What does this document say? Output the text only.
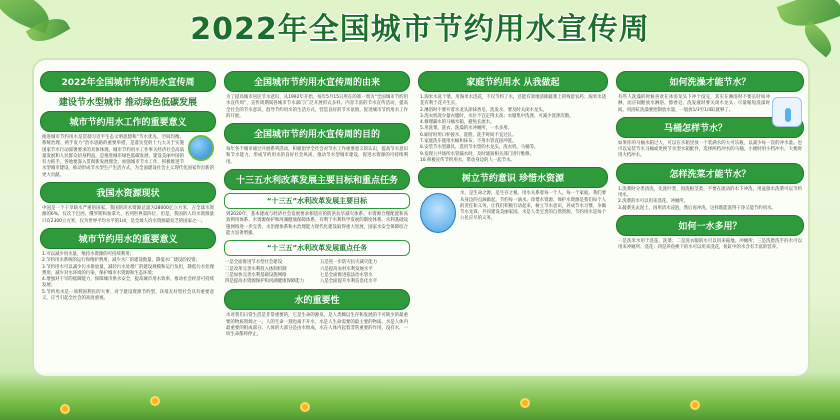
2022年全国城市节约用水宣传周
2022年全国城市节约用水宣传周
建设节水型城市 推动绿色低碳发展
城市节约用水工作的重要意义
推进城市节约用水是贯彻习近平生态文明思想和“节水优先、空间均衡、系统治理、两手发力”治水思路的重要举措，是落实党的十九大关于实施国家节水行动部署要求的具体体现。城市节约用水工作事关经济社会高质量发展和人民群众切身利益，是推进城市绿色低碳发展、建设美丽中国的有力抓手。各地要深入贯彻新发展理念，加强城市节水工作，积极推进节水型城市建设，推动形成节水型生产生活方式，为全面建设社会主义现代化国家作出新的更大贡献。
我国水资源现状
中国是一个干旱缺水严重的国家。我国的淡水资源总量为28000亿立方米，占全球水资源的6%，仅次于巴西、俄罗斯和加拿大，名列世界第四位。但是，我国的人均水资源量只有2300立方米，仅为世界平均水平的1/4，是全球人均水资源最贫乏的国家之一。
城市节约用水的重要意义
1.可以减少用水量，维持水资源的可持续利用；
2.节约用水系统的运行和维护费用，减少水厂的建设数量，降低水厂建设的投资；
3.节约用水可以减少污水排放量，减轻污水处理厂的建设规模和运行负担，降低污水处理费用，减少对水环境的污染，保护城市水资源和生态环境；
4.增强对干旱的抵御能力，保障城市供水安全，提高城市用水效率，推动社会经济可持续发展；
5.节约用水是一项利国利民的大事，对于建设资源节约型、环境友好型社会具有重要意义，应当引起全社会的高度重视。
全国城市节约用水宣传周的由来
为了提高城市居民节水意识，从1992年开始，每年5月15日所在的那一周为“全国城市节约用水宣传周”，宣传周期间各城市节水部门广泛开展形式多样、内容丰富的节水宣传活动，提高全社会的节水意识，倡导节约用水的生活方式，营造良好的节水氛围，促进城市节约用水工作的开展。
全国城市节约用水宣传周的目的
每年各个城市通过开展系列活动，积极倡导全社会对节水工作重要意义的认识，提高节水意识和节水能力，形成节约用水的良好社会风尚，推动节水型城市建设，促进水资源的可持续利用。
十三五水利改革发展主要目标和重点任务
“十三五”水利改革发展主要目标
到2020年，基本建成与经济社会发展要求相适应的防洪抗旱减灾体系、水资源合理配置和高效利用体系、水资源保护和河湖健康保障体系，有利于水利科学发展的制度体系。水利基础设施网络进一步完善，水治理体系和水治理能力现代化建设取得重大进展，国家水安全保障综合能力显著增强。
“十三五”水利改革发展重点任务
一是全面推进节水型社会建设
二是改革完善水利投入体制机制
三是加快完善水利基础设施网络
四是提高水资源保护和河湖健康保障能力
五是进一步防灾抗灾减灾能力
六是提高农村水利发展水平
七是全面推进依法治水管水
八是全面提升水利信息化水平
水的重要性
水对我们日常生活是非常重要的，它是生命的源泉，是人类赖以生存和发展的不可缺少的最重要的物质资源之一。人的生命一刻也离不开水，水是人生命需要的最主要的物质。水是人体内最重要的组成部分。人体的大部分是由水组成，水在人体内起着非常重要的作用，没有水，一切生命都将停止。
家庭节约用水 从我做起
1.淘米水洗个菜，用淘米水浇花，不仅节约了水，还能有效地清除蔬菜上的残留农药；淘米水浇花有利于花卉生长。
2.淋浴时不要开着水龙头涂抹香皂、洗发水，要及时关闭水龙头。
3.洗衣机洗少量衣服时，水位不宜定得太高；衣服集中洗涤，可减少洗涤次数。
4.修理漏水的马桶水箱，避免长流水。
5.用洗菜、洗衣、洗澡的水冲厕所，一水多用。
6.刷牙时用口杯接水，洗脸、洗手时间不宜过长。
7.家庭洗车使用水桶和抹布，不用水管直接冲洗。
8.安装节水型器具，选用节水型的水龙头、洗衣机、马桶等。
9.发现公共场所水管漏水时，及时通知相关部门进行维修。
10.积极宣传节约用水，带动身边的人一起节水。
树立节约意识 珍惜水资源
水，是生命之源，是生存之根，用水关系着每一个人，每一个家庭。我们要从身边的点滴做起，节约每一滴水。珍惜水资源、保护水资源是我们每个人的责任和义务。让我们积极行动起来，树立节水意识，养成节水习惯，争做节水先锋，共同建设美丽家园。水是人类宝贵的自然资源，节约用水是每个公民应尽的义务。
如何洗澡才能节水？
有些人洗澡的时候喜欢在沐浴龙头下冲个没完，其实在淋浴时不要长时间冲淋，而应间断放水淋浴。擦香皂、洗发液时要关闭水龙头；尽量缩短洗澡时间。用浴缸洗澡要控制放水量，一般放1/3至1/4缸就够了。
马桶怎样节水？
如果你的马桶水箱过大，可以在水箱里放一个装满水的大可乐瓶，以减少每一次的冲水量。也可以安装节水马桶或更换节水型水箱配件，选择两档冲水的马桶，小便时用小档冲水，大便时用大档冲水。
怎样洗菜才能节水？
1.洗菜时分类清洗，先洗叶类，再洗根茎类，不要在流动的水下冲洗，用盆接水洗菜可以节约用水。
2.洗菜的水可以用来浇花、冲厕所。
3.蔬菜先去泥土，再用清水浸泡，然后再冲洗，这样既能洗得干净又能节约用水。
如何一水多用？
一是洗米水用于浇花、洗菜；二是洗衣服的水可以用来拖地、冲厕所；三是洗脸洗手的水可以用来冲厕所、浇花；四是养鱼换下的水可以用来浇花，鱼缸中的水含有丰富的营养。
